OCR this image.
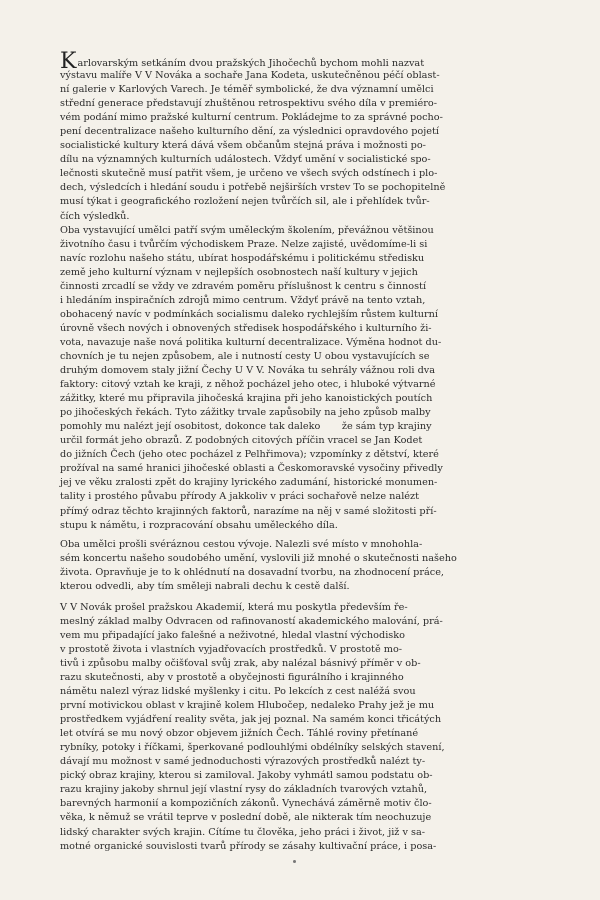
Karlovarským setkáním dvou pražských Jihočechů bychom mohli nazvat
výstavu malíře V V Nováka a sochaře Jana Kodeta, uskutečněnou péčí oblast-
ní galerie v Karlových Varech. Je téměř symbolické, že dva významní umělci
střední generace představují zhuštěnou retrospektivu svého díla v premiéro-
vém podání mimo pražské kulturní centrum. Pokládejme to za správné pocho-
pení decentralizace našeho kulturního dění, za výslednici opravdového pojetí
socialistické kultury která dává všem občanům stejná práva i možnosti po-
dílu na významných kulturních událostech. Vždyť umění v socialistické spo-
lečnosti skutečně musí patřit všem, je určeno ve všech svých odstínech i plo-
dech, výsledcích i hledání soudu i potřebě nejširších vrstev To se pochopitelně
musí týkat i geografického rozložení nejen tvůrčích sil, ale i přehlídek tvůr-
čích výsledků.
Oba vystavující umělci patří svým uměleckým školením, převážnou většinou
životního času i tvůrčím východiskem Praze. Nelze zajisté, uvědomíme-li si
navíc rozlohu našeho státu, ubírat hospodářskému i politickému středisku
země jeho kulturní význam v nejlepších osobnostech naší kultury v jejich
činnosti zrcadlí se vždy ve zdravém poměru příslušnost k centru s činností
i hledáním inspiračních zdrojů mimo centrum. Vždyť právě na tento vztah,
obohacený navíc v podmínkách socialismu daleko rychlejším růstem kulturní
úrovně všech nových i obnovených středisek hospodářského i kulturního ži-
vota, navazuje naše nová politika kulturní decentralizace. Výměna hodnot du-
chovních je tu nejen způsobem, ale i nutností cesty U obou vystavujících se
druhým domovem staly jižní Čechy U V V. Nováka tu sehrály vážnou roli dva
faktory: citový vztah ke kraji, z něhož pocházel jeho otec, i hluboké výtvarné
zážitky, které mu připravila jihočeská krajina při jeho kanoistických poutích
po jihočeských řekách. Tyto zážitky trvale zapůsobily na jeho způsob malby
pomohly mu nalézt její osobitost, dokonce tak daleko       že sám typ krajiny
určil formát jeho obrazů. Z podobných citových příčin vracel se Jan Kodet
do jižních Čech (jeho otec pocházel z Pelhřimova); vzpomínky z dětství, které
prožíval na samé hranici jihočeské oblasti a Českomoravské vysočiny přivedly
jej ve věku zralosti zpět do krajiny lyrického zadumání, historické monumen-
tality i prostého půvabu přírody A jakkoliv v práci sochařově nelze nalézt
přímý odraz těchto krajinných faktorů, narazíme na něj v samé složitosti pří-
stupu k námětu, i rozpracování obsahu uměleckého díla.
Oba umělci prošli svéráznou cestou vývoje. Nalezli své místo v mnohohla-
sém koncertu našeho soudobého umění, vyslovili již mnohé o skutečnosti našeho
života. Opravňuje je to k ohlédnutí na dosavadní tvorbu, na zhodnocení práce,
kterou odvedli, aby tím směleji nabrali dechu k cestě další.
V V Novák prošel pražskou Akademií, která mu poskytla především ře-
meslný základ malby Odvracen od rafinovaností akademického malování, prá-
vem mu připadající jako falešné a neživotné, hledal vlastní východisko
v prostotě života i vlastních vyjadřovacích prostředků. V prostotě mo-
tivů i způsobu malby očišťoval svůj zrak, aby nalézal básnivý příměr v ob-
razu skutečnosti, aby v prostotě a obyčejnosti figurálního i krajinného
námětu nalezl výraz lidské myšlenky i citu. Po lekcích z cest naléžá svou
první motivickou oblast v krajině kolem Hlubočep, nedaleko Prahy jež je mu
prostředkem vyjádření reality světa, jak jej poznal. Na samém konci třicátých
let otvírá se mu nový obzor objevem jižních Čech. Táhlé roviny přetínané
rybníky, potoky i říčkami, šperkované podlouhlými obdélníky selských stavení,
dávají mu možnost v samé jednoduchosti výrazových prostředků nalézt ty-
pický obraz krajiny, kterou si zamiloval. Jakoby vyhmátl samou podstatu ob-
razu krajiny jakoby shrnul její vlastní rysy do základních tvarových vztahů,
barevných harmonií a kompozičních zákonů. Vynechává záměrně motiv člo-
věka, k němuž se vrátil teprve v poslední době, ale nikterak tím neochuzuje
lidský charakter svých krajin. Cítíme tu člověka, jeho práci i život, již v sa-
motné organické souvislosti tvarů přírody se zásahy kultivační práce, i posa-
